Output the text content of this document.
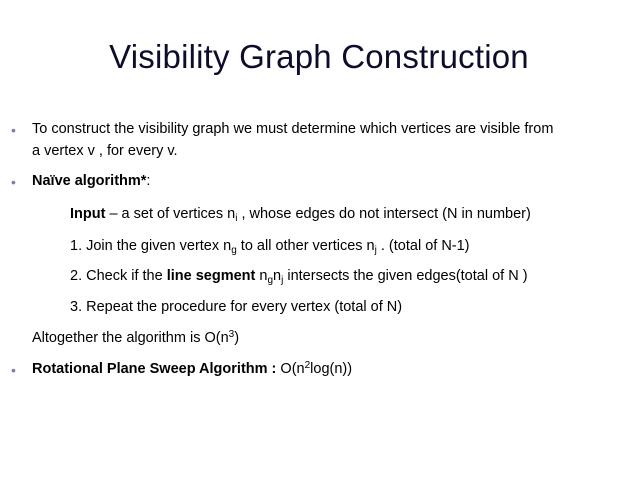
Visibility Graph Construction
• To construct the visibility graph we must determine which vertices are visible from
a vertex v , for every v.
• Naïve algorithm*:
Input – a set of vertices $n_i$ , whose edges do not intersect (N in number)
1. Join the given vertex $n_g$ to all other vertices $n_j$ . (total of N-1)
2. Check if the line segment $n_gn_j$ intersects the given edges(total of N )
3. Repeat the procedure for every vertex (total of N)
Altogether the algorithm is $O(n^3)$
• Rotational Plane Sweep Algorithm : $O(n^2\log(n))$
